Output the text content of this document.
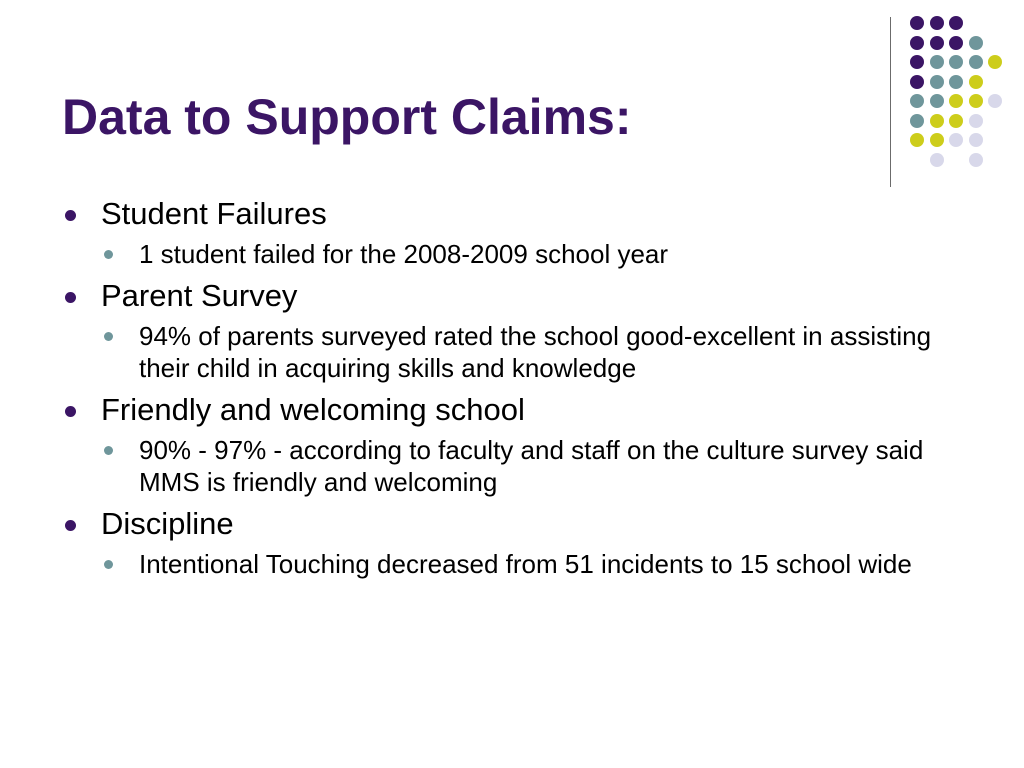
Data to Support Claims:

Student Failures

1 student failed for the 2008-2009 school year

Parent Survey

94% of parents surveyed rated the school good-excellent in assisting their child in acquiring skills and knowledge

Friendly and welcoming school

90% - 97% - according to faculty and staff on the culture survey said MMS is friendly and welcoming

Discipline

Intentional Touching decreased from 51 incidents to 15 school wide
